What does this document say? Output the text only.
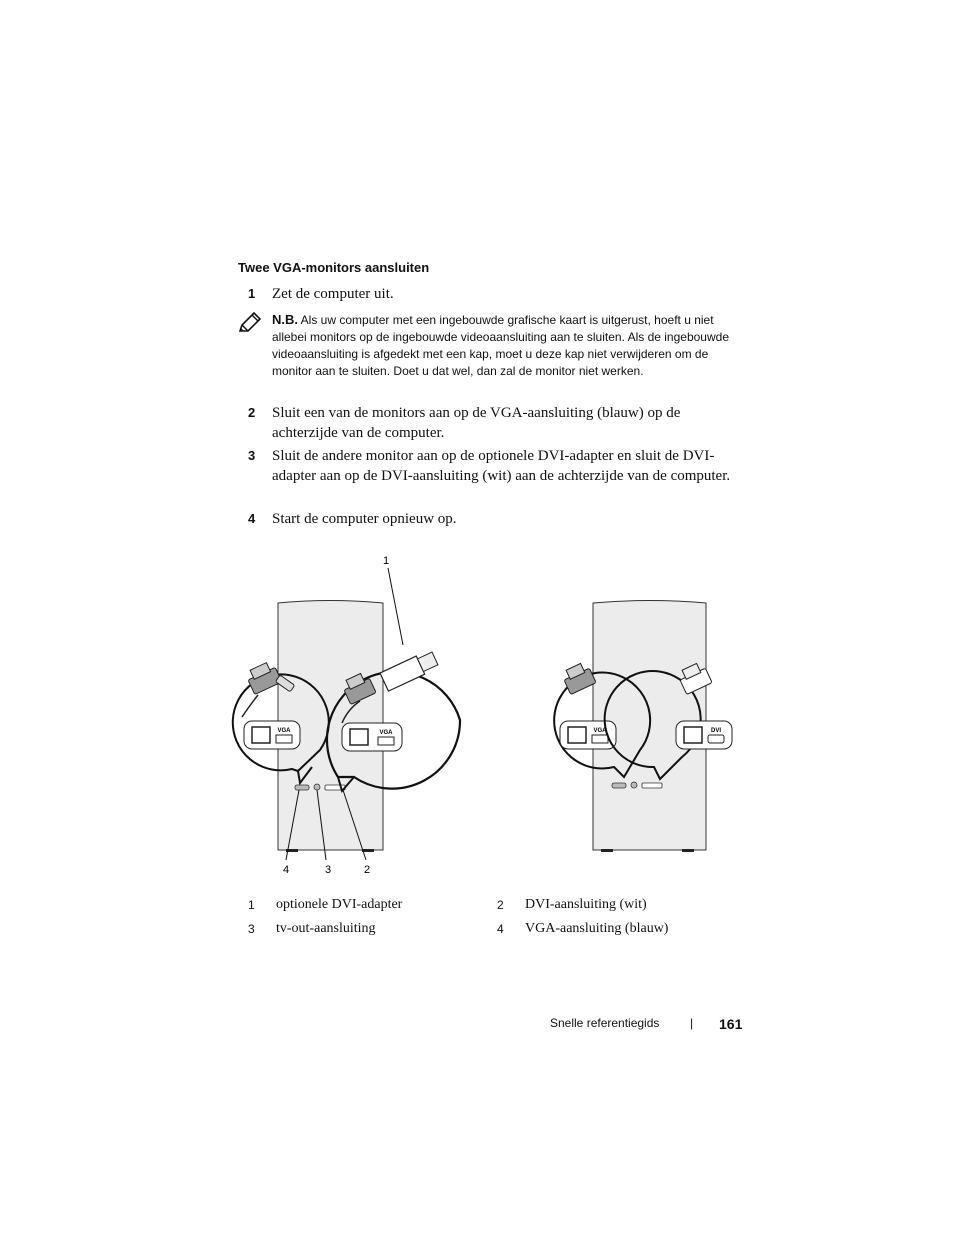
Twee VGA-monitors aansluiten
1 Zet de computer uit.
N.B. Als uw computer met een ingebouwde grafische kaart is uitgerust, hoeft u niet allebei monitors op de ingebouwde videoaansluiting aan te sluiten. Als de ingebouwde videoaansluiting is afgedekt met een kap, moet u deze kap niet verwijderen om de monitor aan te sluiten. Doet u dat wel, dan zal de monitor niet werken.
2 Sluit een van de monitors aan op de VGA-aansluiting (blauw) op de achterzijde van de computer.
3 Sluit de andere monitor aan op de optionele DVI-adapter en sluit de DVI-adapter aan op de DVI-aansluiting (wit) aan de achterzijde van de computer.
4 Start de computer opnieuw op.
VGA	VGA
1
4	3	2
VGA	DVI
1 optionele DVI-adapter	2 DVI-aansluiting (wit)
3 tv-out-aansluiting	4 VGA-aansluiting (blauw)
Snelle referentiegids	| 161
